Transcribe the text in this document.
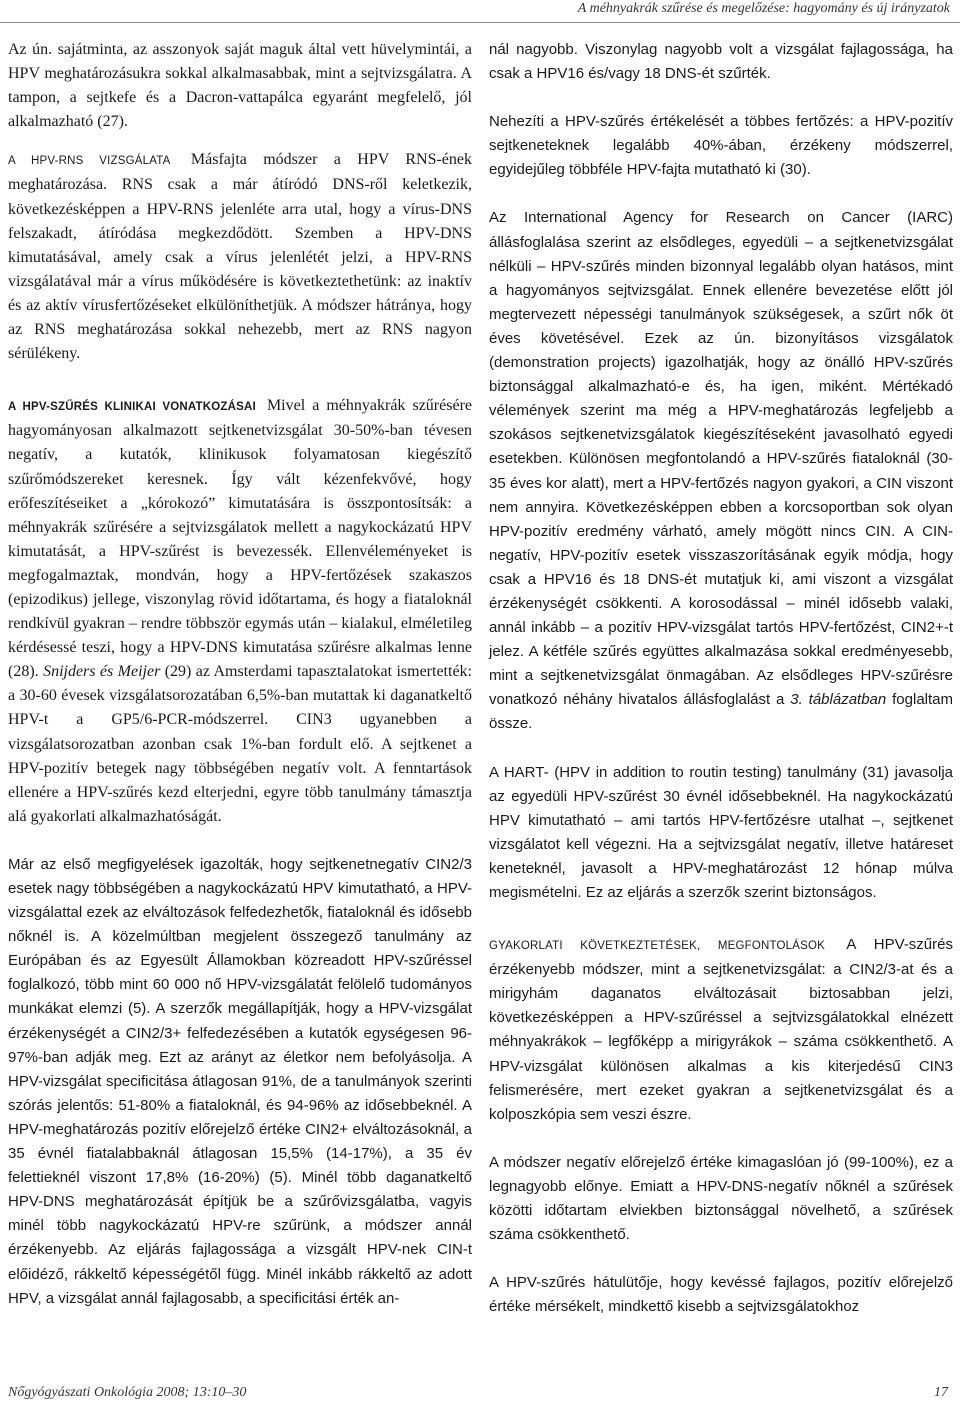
A méhnyakrák szűrése és megelőzése: hagyomány és új irányzatok

Az ún. sajátminta, az asszonyok saját maguk által vett hüvelymintái, a HPV meghatározásukra sokkal alkalmasabbak, mint a sejtvizsgálatra. A tampon, a sejtkefe és a Dacron-vattapálca egyaránt megfelelő, jól alkalmazható (27).

A HPV-RNS VIZSGÁLATA Másfajta módszer a HPV RNS-ének meghatározása. RNS csak a már átíródó DNS-ről keletkezik, következésképpen a HPV-RNS jelenléte arra utal, hogy a vírus-DNS felszakadt, átíródása megkezdődött. Szemben a HPV-DNS kimutatásával, amely csak a vírus jelenlétét jelzi, a HPV-RNS vizsgálatával már a vírus működésére is következtethetünk: az inaktív és az aktív vírusfertőzéseket elkülöníthetjük. A módszer hátránya, hogy az RNS meghatározása sokkal nehezebb, mert az RNS nagyon sérülékeny.

A HPV-SZŰRÉS KLINIKAI VONATKOZÁSAI Mivel a méhnyakrák szűrésére hagyományosan alkalmazott sejtkenetvizsgálat 30-50%-ban tévesen negatív, a kutatók, klinikusok folyamatosan kiegészítő szűrőmódszereket keresnek. Így vált kézenfekvővé, hogy erőfeszítéseiket a „kórokozó” kimutatására is összpontosítsák: a méhnyakrák szűrésére a sejtvizsgálatok mellett a nagykockázatú HPV kimutatását, a HPV-szűrést is bevezessék. Ellenvéleményeket is megfogalmaztak, mondván, hogy a HPV-fertőzések szakaszos (epizodikus) jellege, viszonylag rövid időtartama, és hogy a fiataloknál rendkívül gyakran – rendre többször egymás után – kialakul, elméletileg kérdésessé teszi, hogy a HPV-DNS kimutatása szűrésre alkalmas lenne (28). Snijders és Meijer (29) az Amsterdami tapasztalatokat ismertették: a 30-60 évesek vizsgálatsorozatában 6,5%-ban mutattak ki daganatkeltő HPV-t a GP5/6-PCR-módszerrel. CIN3 ugyanebben a vizsgálatsorozatban azonban csak 1%-ban fordult elő. A sejtkenet a HPV-pozitív betegek nagy többségében negatív volt. A fenntartások ellenére a HPV-szűrés kezd elterjedni, egyre több tanulmány támasztja alá gyakorlati alkalmazhatóságát.

Már az első megfigyelések igazolták, hogy sejtkenetnegatív CIN2/3 esetek nagy többségében a nagykockázatú HPV kimutatható, a HPV-vizsgálattal ezek az elváltozások felfedezhetők, fiataloknál és idősebb nőknél is. A közelmúltban megjelent összegező tanulmány az Európában és az Egyesült Államokban közreadott HPV-szűréssel foglalkozó, több mint 60 000 nő HPV-vizsgálatát felölelő tudományos munkákat elemzi (5). A szerzők megállapítják, hogy a HPV-vizsgálat érzékenységét a CIN2/3+ felfedezésében a kutatók egységesen 96-97%-ban adják meg. Ezt az arányt az életkor nem befolyásolja. A HPV-vizsgálat specificitása átlagosan 91%, de a tanulmányok szerinti szórás jelentős: 51-80% a fiataloknál, és 94-96% az idősebbeknél. A HPV-meghatározás pozitív előrejelző értéke CIN2+ elváltozásoknál, a 35 évnél fiatalabbaknál átlagosan 15,5% (14-17%), a 35 év felettieknél viszont 17,8% (16-20%) (5). Minél több daganatkeltő HPV-DNS meghatározását építjük be a szűrővizsgálatba, vagyis minél több nagykockázatú HPV-re szűrünk, a módszer annál érzékenyebb. Az eljárás fajlagossága a vizsgált HPV-nek CIN-t előidéző, rákkeltő képességétől függ. Minél inkább rákkeltő az adott HPV, a vizsgálat annál fajlagosabb, a specificitási érték an-

nál nagyobb. Viszonylag nagyobb volt a vizsgálat fajlagossága, ha csak a HPV16 és/vagy 18 DNS-ét szűrték.

Nehezíti a HPV-szűrés értékelését a többes fertőzés: a HPV-pozitív sejtkeneteknek legalább 40%-ában, érzékeny módszerrel, egyidejűleg többféle HPV-fajta mutatható ki (30).

Az International Agency for Research on Cancer (IARC) állásfoglalása szerint az elsődleges, egyedüli – a sejtkenetvizsgálat nélküli – HPV-szűrés minden bizonnyal legalább olyan hatásos, mint a hagyományos sejtvizsgálat. Ennek ellenére bevezetése előtt jól megtervezett népességi tanulmányok szükségesek, a szűrt nők öt éves követésével. Ezek az ún. bizonyításos vizsgálatok (demonstration projects) igazolhatják, hogy az önálló HPV-szűrés biztonsággal alkalmazható-e és, ha igen, miként. Mértékadó vélemények szerint ma még a HPV-meghatározás legfeljebb a szokásos sejtkenetvizsgálatok kiegészítéseként javasolható egyedi esetekben. Különösen megfontolandó a HPV-szűrés fiataloknál (30-35 éves kor alatt), mert a HPV-fertőzés nagyon gyakori, a CIN viszont nem annyira. Következésképpen ebben a korcsoportban sok olyan HPV-pozitív eredmény várható, amely mögött nincs CIN. A CIN-negatív, HPV-pozitív esetek visszaszorításának egyik módja, hogy csak a HPV16 és 18 DNS-ét mutatjuk ki, ami viszont a vizsgálat érzékenységét csökkenti. A korosodással – minél idősebb valaki, annál inkább – a pozitív HPV-vizsgálat tartós HPV-fertőzést, CIN2+-t jelez. A kétféle szűrés együttes alkalmazása sokkal eredményesebb, mint a sejtkenetvizsgálat önmagában. Az elsődleges HPV-szűrésre vonatkozó néhány hivatalos állásfoglalást a 3. táblázatban foglaltam össze.

A HART- (HPV in addition to routin testing) tanulmány (31) javasolja az egyedüli HPV-szűrést 30 évnél idősebbeknél. Ha nagykockázatú HPV kimutatható – ami tartós HPV-fertőzésre utalhat –, sejtkenet vizsgálatot kell végezni. Ha a sejtvizsgálat negatív, illetve határeset keneteknél, javasolt a HPV-meghatározást 12 hónap múlva megismételni. Ez az eljárás a szerzők szerint biztonságos.

GYAKORLATI KÖVETKEZTETÉSEK, MEGFONTOLÁSOK A HPV-szűrés érzékenyebb módszer, mint a sejtkenetvizsgálat: a CIN2/3-at és a mirigyhám daganatos elváltozásait biztosabban jelzi, következésképpen a HPV-szűréssel a sejtvizsgálatokkal elnézett méhnyakrákok – legfőképp a mirigyrákok – száma csökkenthető. A HPV-vizsgálat különösen alkalmas a kis kiterjedésű CIN3 felismerésére, mert ezeket gyakran a sejtkenetvizsgálat és a kolposzkópia sem veszi észre.

A módszer negatív előrejelző értéke kimagaslóan jó (99-100%), ez a legnagyobb előnye. Emiatt a HPV-DNS-negatív nőknél a szűrések közötti időtartam elviekben biztonsággal növelhető, a szűrések száma csökkenthető.

A HPV-szűrés hátulütője, hogy kevéssé fajlagos, pozitív előrejelző értéke mérsékelt, mindkettő kisebb a sejtvizsgálatokhoz

Nőgyógyászati Onkológia 2008; 13:10–30	17
